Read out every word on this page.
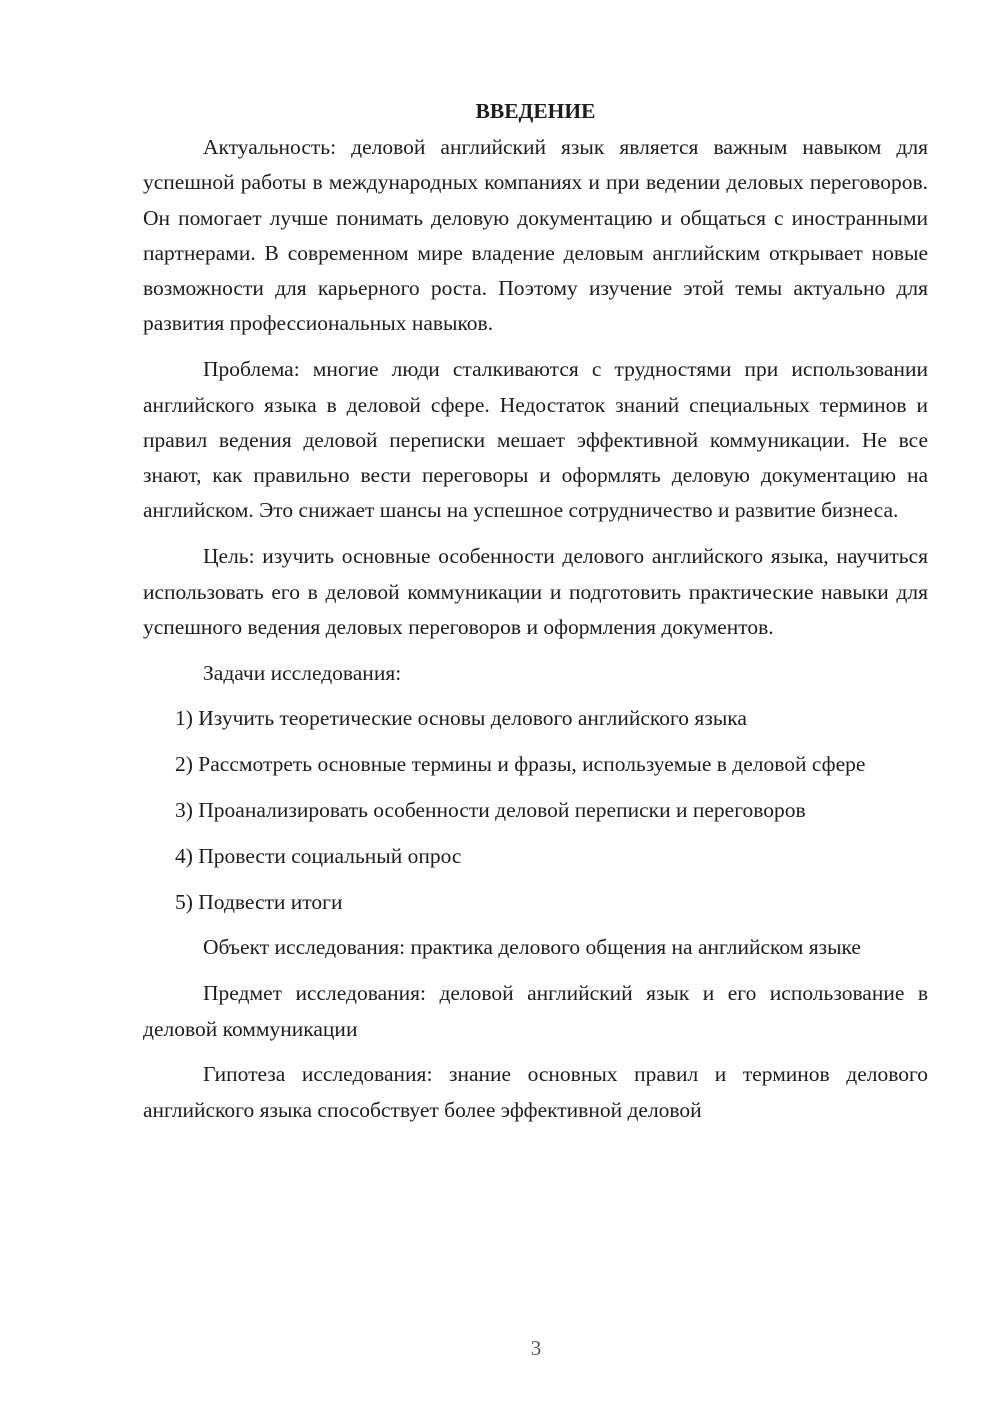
ВВЕДЕНИЕ

Актуальность: деловой английский язык является важным навыком для успешной работы в международных компаниях и при ведении деловых переговоров. Он помогает лучше понимать деловую документацию и общаться с иностранными партнерами. В современном мире владение деловым английским открывает новые возможности для карьерного роста. Поэтому изучение этой темы актуально для развития профессиональных навыков.

Проблема: многие люди сталкиваются с трудностями при использовании английского языка в деловой сфере. Недостаток знаний специальных терминов и правил ведения деловой переписки мешает эффективной коммуникации. Не все знают, как правильно вести переговоры и оформлять деловую документацию на английском. Это снижает шансы на успешное сотрудничество и развитие бизнеса.

Цель: изучить основные особенности делового английского языка, научиться использовать его в деловой коммуникации и подготовить практические навыки для успешного ведения деловых переговоров и оформления документов.

Задачи исследования:

1) Изучить теоретические основы делового английского языка

2) Рассмотреть основные термины и фразы, используемые в деловой сфере

3) Проанализировать особенности деловой переписки и переговоров

4) Провести социальный опрос

5) Подвести итоги

Объект исследования: практика делового общения на английском языке

Предмет исследования: деловой английский язык и его использование в деловой коммуникации

Гипотеза исследования: знание основных правил и терминов делового английского языка способствует более эффективной деловой

3
